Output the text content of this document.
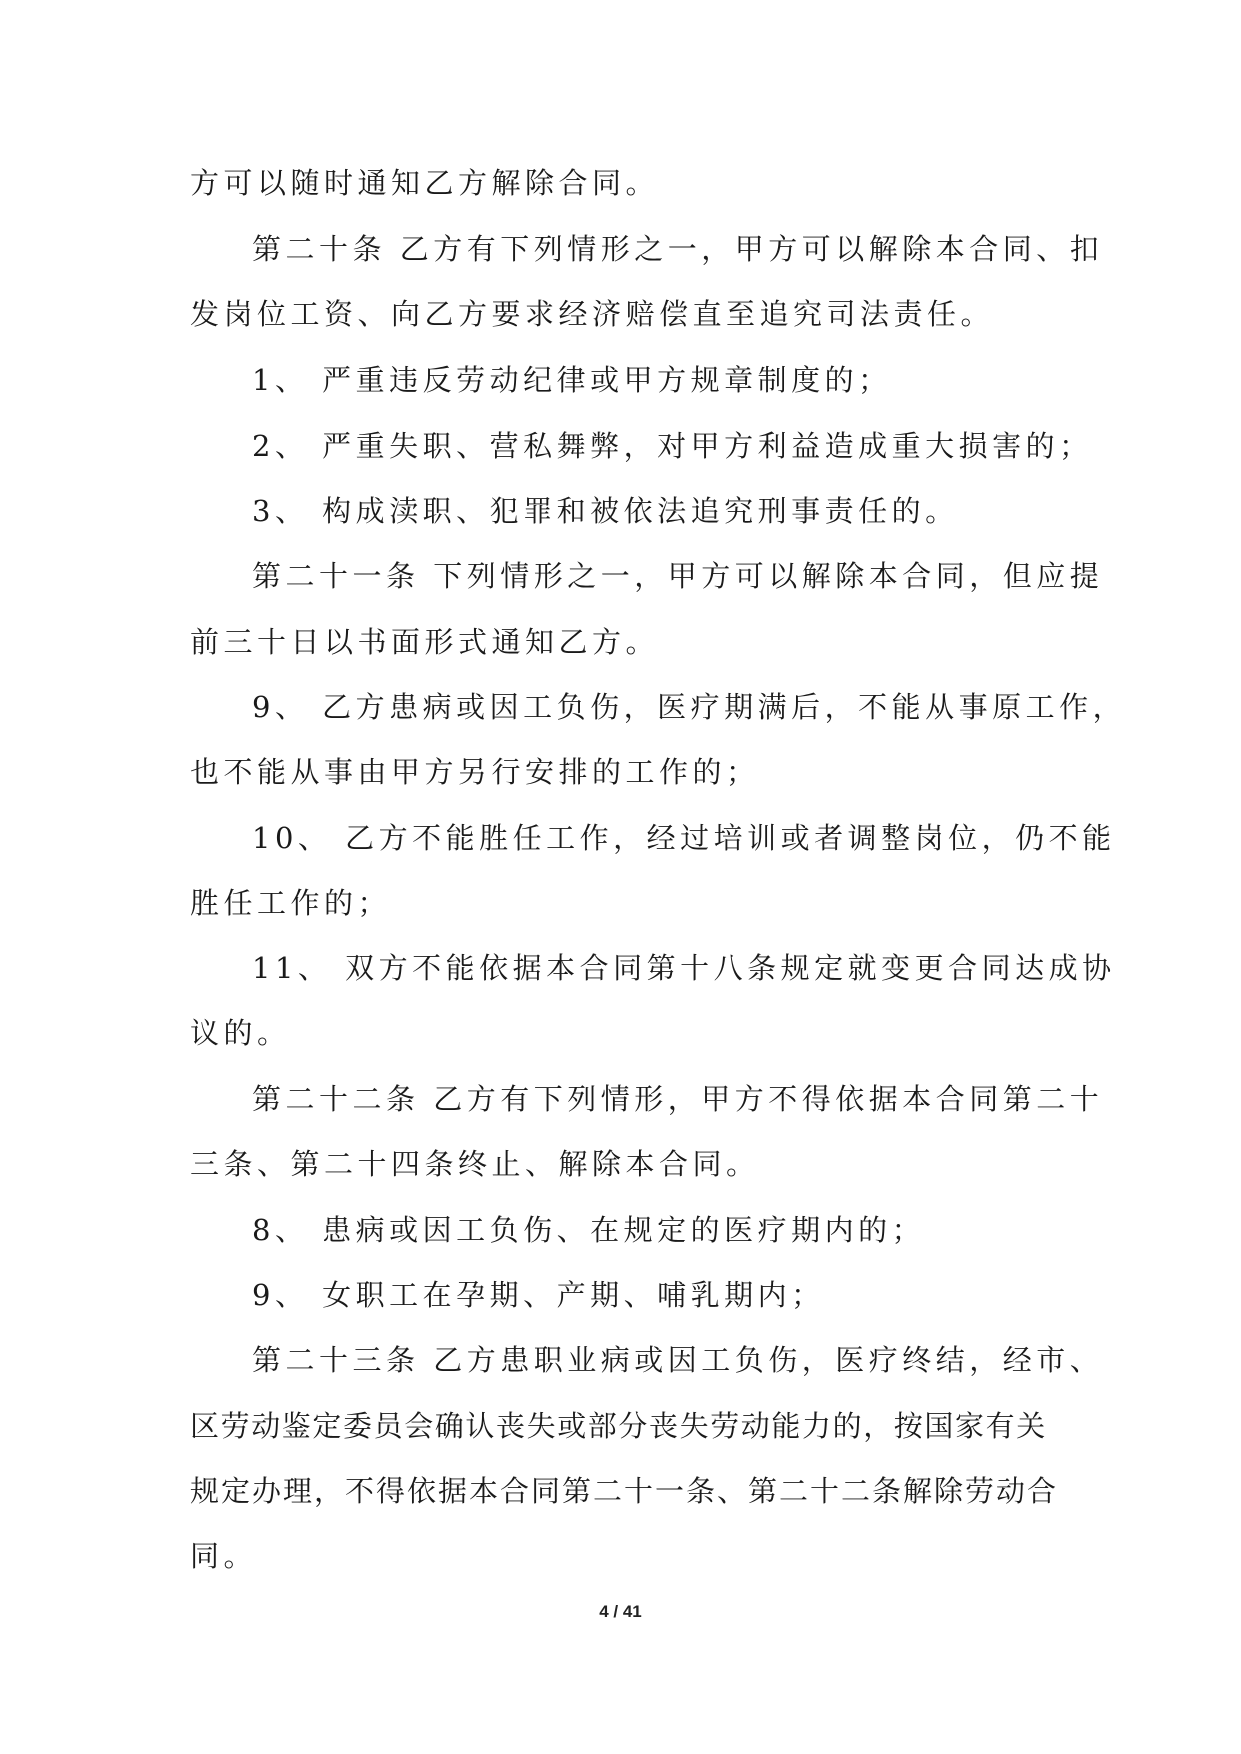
方可以随时通知乙方解除合同。

第二十条 乙方有下列情形之一，甲方可以解除本合同、扣

发岗位工资、向乙方要求经济赔偿直至追究司法责任。

1、 严重违反劳动纪律或甲方规章制度的；

2、 严重失职、营私舞弊，对甲方利益造成重大损害的；

3、 构成渎职、犯罪和被依法追究刑事责任的。

第二十一条 下列情形之一，甲方可以解除本合同，但应提

前三十日以书面形式通知乙方。

9、 乙方患病或因工负伤，医疗期满后，不能从事原工作，

也不能从事由甲方另行安排的工作的；

10、 乙方不能胜任工作，经过培训或者调整岗位，仍不能

胜任工作的；

11、 双方不能依据本合同第十八条规定就变更合同达成协

议的。

第二十二条 乙方有下列情形，甲方不得依据本合同第二十

三条、第二十四条终止、解除本合同。

8、 患病或因工负伤、在规定的医疗期内的；

9、 女职工在孕期、产期、哺乳期内；

第二十三条 乙方患职业病或因工负伤，医疗终结，经市、

区劳动鉴定委员会确认丧失或部分丧失劳动能力的，按国家有关

规定办理，不得依据本合同第二十一条、第二十二条解除劳动合

同。

4 / 41
